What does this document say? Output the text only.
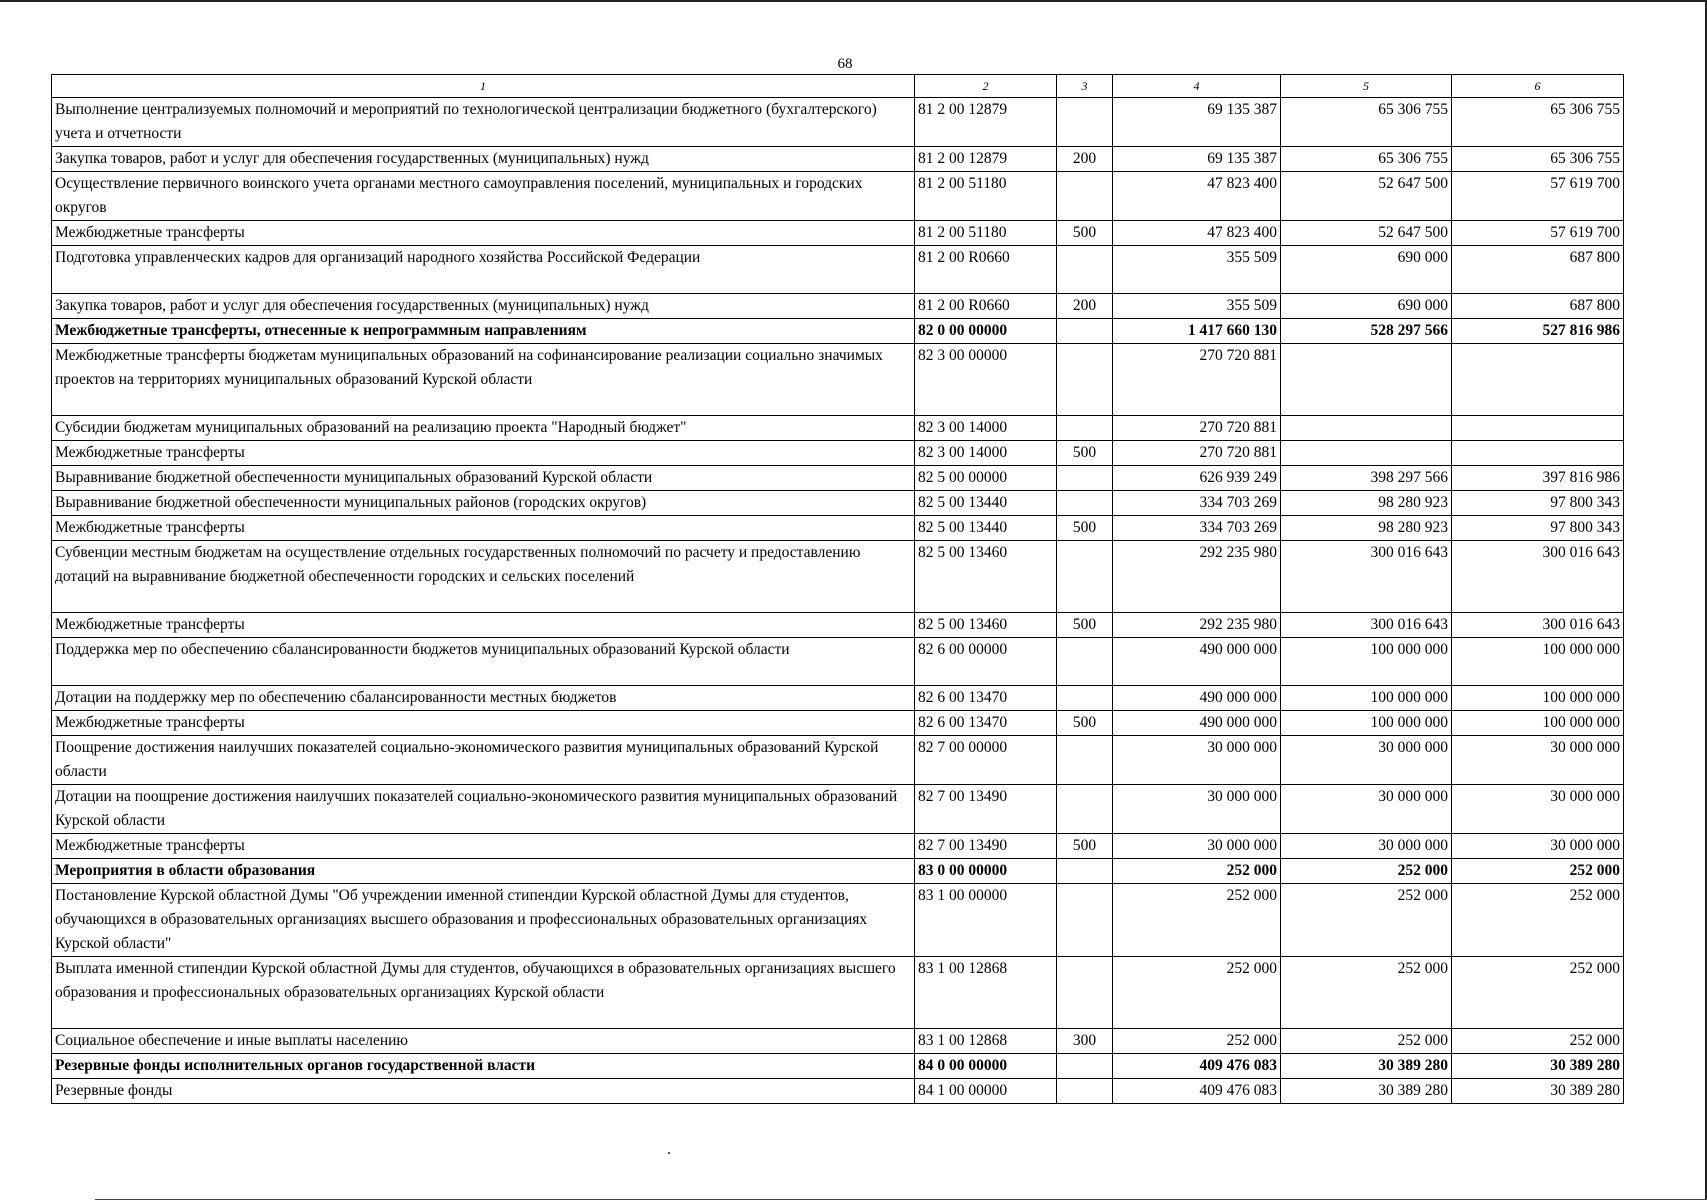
68
1	2	3	4	5	6
Выполнение централизуемых полномочий и мероприятий по технологической централизации бюджетного (бухгалтерского) учета и отчетности	81 2 00 12879		69 135 387	65 306 755	65 306 755
Закупка товаров, работ и услуг для обеспечения государственных (муниципальных) нужд	81 2 00 12879	200	69 135 387	65 306 755	65 306 755
Осуществление первичного воинского учета органами местного самоуправления поселений, муниципальных и городских округов	81 2 00 51180		47 823 400	52 647 500	57 619 700
Межбюджетные трансферты	81 2 00 51180	500	47 823 400	52 647 500	57 619 700
Подготовка управленческих кадров для организаций народного хозяйства Российской Федерации	81 2 00 R0660		355 509	690 000	687 800
Закупка товаров, работ и услуг для обеспечения государственных (муниципальных) нужд	81 2 00 R0660	200	355 509	690 000	687 800
Межбюджетные трансферты, отнесенные к непрограммным направлениям	82 0 00 00000		1 417 660 130	528 297 566	527 816 986
Межбюджетные трансферты бюджетам муниципальных образований на софинансирование реализации социально значимых проектов на территориях муниципальных образований Курской области	82 3 00 00000		270 720 881		
Субсидии бюджетам муниципальных образований на реализацию проекта "Народный бюджет"	82 3 00 14000		270 720 881		
Межбюджетные трансферты	82 3 00 14000	500	270 720 881		
Выравнивание бюджетной обеспеченности муниципальных образований Курской области	82 5 00 00000		626 939 249	398 297 566	397 816 986
Выравнивание бюджетной обеспеченности муниципальных районов (городских округов)	82 5 00 13440		334 703 269	98 280 923	97 800 343
Межбюджетные трансферты	82 5 00 13440	500	334 703 269	98 280 923	97 800 343
Субвенции местным бюджетам на осуществление отдельных государственных полномочий по расчету и предоставлению дотаций на выравнивание бюджетной обеспеченности городских и сельских поселений	82 5 00 13460		292 235 980	300 016 643	300 016 643
Межбюджетные трансферты	82 5 00 13460	500	292 235 980	300 016 643	300 016 643
Поддержка мер по обеспечению сбалансированности бюджетов муниципальных образований Курской области	82 6 00 00000		490 000 000	100 000 000	100 000 000
Дотации на поддержку мер по обеспечению сбалансированности местных бюджетов	82 6 00 13470		490 000 000	100 000 000	100 000 000
Межбюджетные трансферты	82 6 00 13470	500	490 000 000	100 000 000	100 000 000
Поощрение достижения наилучших показателей социально-экономического развития муниципальных образований Курской области	82 7 00 00000		30 000 000	30 000 000	30 000 000
Дотации на поощрение достижения наилучших показателей социально-экономического развития муниципальных образований Курской области	82 7 00 13490		30 000 000	30 000 000	30 000 000
Межбюджетные трансферты	82 7 00 13490	500	30 000 000	30 000 000	30 000 000
Мероприятия в области образования	83 0 00 00000		252 000	252 000	252 000
Постановление Курской областной Думы "Об учреждении именной стипендии Курской областной Думы для студентов, обучающихся в образовательных организациях высшего образования и профессиональных образовательных организациях Курской области"	83 1 00 00000		252 000	252 000	252 000
Выплата именной стипендии Курской областной Думы для студентов, обучающихся в образовательных организациях высшего образования и профессиональных образовательных организациях Курской области	83 1 00 12868		252 000	252 000	252 000
Социальное обеспечение и иные выплаты населению	83 1 00 12868	300	252 000	252 000	252 000
Резервные фонды исполнительных органов государственной власти	84 0 00 00000		409 476 083	30 389 280	30 389 280
Резервные фонды	84 1 00 00000		409 476 083	30 389 280	30 389 280
